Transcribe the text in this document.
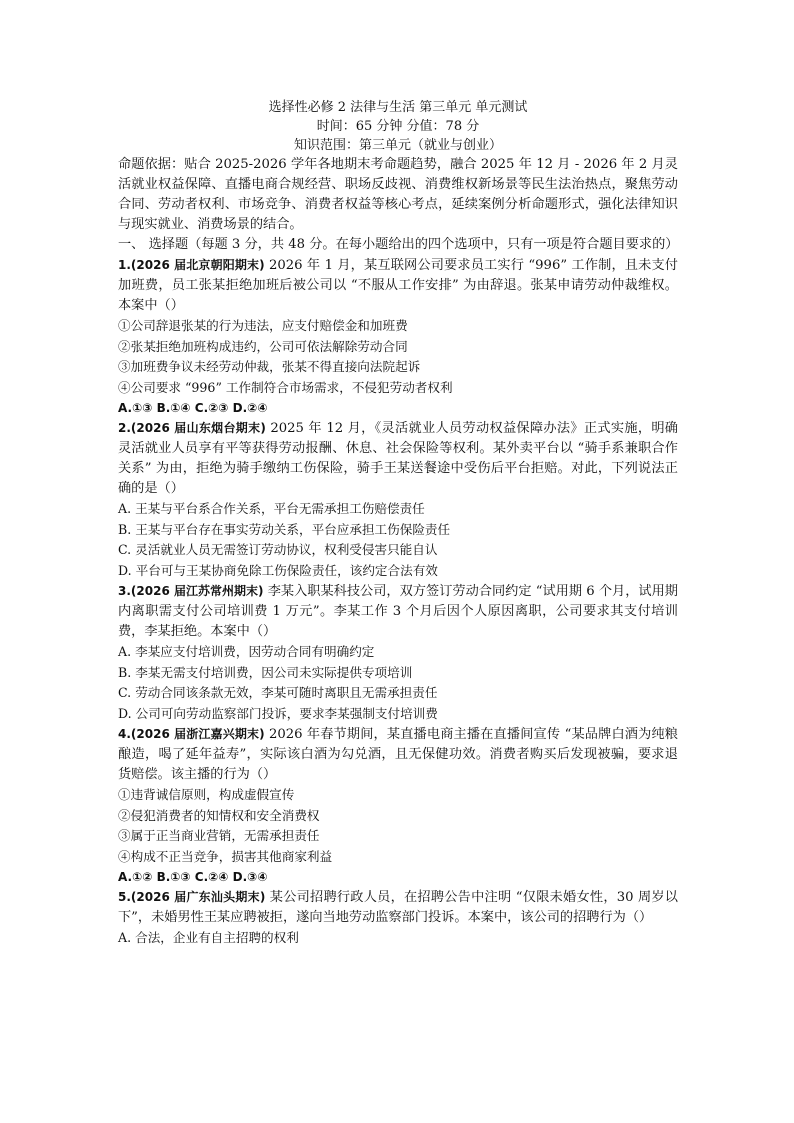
选择性必修 2 法律与生活 第三单元 单元测试
时间：65 分钟 分值：78 分
知识范围：第三单元（就业与创业）
命题依据：贴合 2025-2026 学年各地期末考命题趋势，融合 2025 年 12 月 - 2026 年 2 月灵活就业权益保障、直播电商合规经营、职场反歧视、消费维权新场景等民生法治热点，聚焦劳动合同、劳动者权利、市场竞争、消费者权益等核心考点，延续案例分析命题形式，强化法律知识与现实就业、消费场景的结合。
一、 选择题（每题 3 分，共 48 分。在每小题给出的四个选项中，只有一项是符合题目要求的）
1.(2026 届北京朝阳期末) 2026 年 1 月，某互联网公司要求员工实行 “996” 工作制，且未支付加班费，员工张某拒绝加班后被公司以 “不服从工作安排” 为由辞退。张某申请劳动仲裁维权。本案中（）
①公司辞退张某的行为违法，应支付赔偿金和加班费
②张某拒绝加班构成违约，公司可依法解除劳动合同
③加班费争议未经劳动仲裁，张某不得直接向法院起诉
④公司要求 “996” 工作制符合市场需求，不侵犯劳动者权利
A.①③ B.①④ C.②③ D.②④
2.(2026 届山东烟台期末) 2025 年 12 月，《灵活就业人员劳动权益保障办法》正式实施，明确灵活就业人员享有平等获得劳动报酬、休息、社会保险等权利。某外卖平台以 “骑手系兼职合作关系” 为由，拒绝为骑手缴纳工伤保险，骑手王某送餐途中受伤后平台拒赔。对此，下列说法正确的是（）
A. 王某与平台系合作关系，平台无需承担工伤赔偿责任
B. 王某与平台存在事实劳动关系，平台应承担工伤保险责任
C. 灵活就业人员无需签订劳动协议，权利受侵害只能自认
D. 平台可与王某协商免除工伤保险责任，该约定合法有效
3.(2026 届江苏常州期末) 李某入职某科技公司，双方签订劳动合同约定 “试用期 6 个月，试用期内离职需支付公司培训费 1 万元”。李某工作 3 个月后因个人原因离职，公司要求其支付培训费，李某拒绝。本案中（）
A. 李某应支付培训费，因劳动合同有明确约定
B. 李某无需支付培训费，因公司未实际提供专项培训
C. 劳动合同该条款无效，李某可随时离职且无需承担责任
D. 公司可向劳动监察部门投诉，要求李某强制支付培训费
4.(2026 届浙江嘉兴期末) 2026 年春节期间，某直播电商主播在直播间宣传 “某品牌白酒为纯粮酿造，喝了延年益寿”，实际该白酒为勾兑酒，且无保健功效。消费者购买后发现被骗，要求退货赔偿。该主播的行为（）
①违背诚信原则，构成虚假宣传
②侵犯消费者的知情权和安全消费权
③属于正当商业营销，无需承担责任
④构成不正当竞争，损害其他商家利益
A.①② B.①③ C.②④ D.③④
5.(2026 届广东汕头期末) 某公司招聘行政人员，在招聘公告中注明 “仅限未婚女性，30 周岁以下”，未婚男性王某应聘被拒，遂向当地劳动监察部门投诉。本案中，该公司的招聘行为（）
A. 合法，企业有自主招聘的权利
